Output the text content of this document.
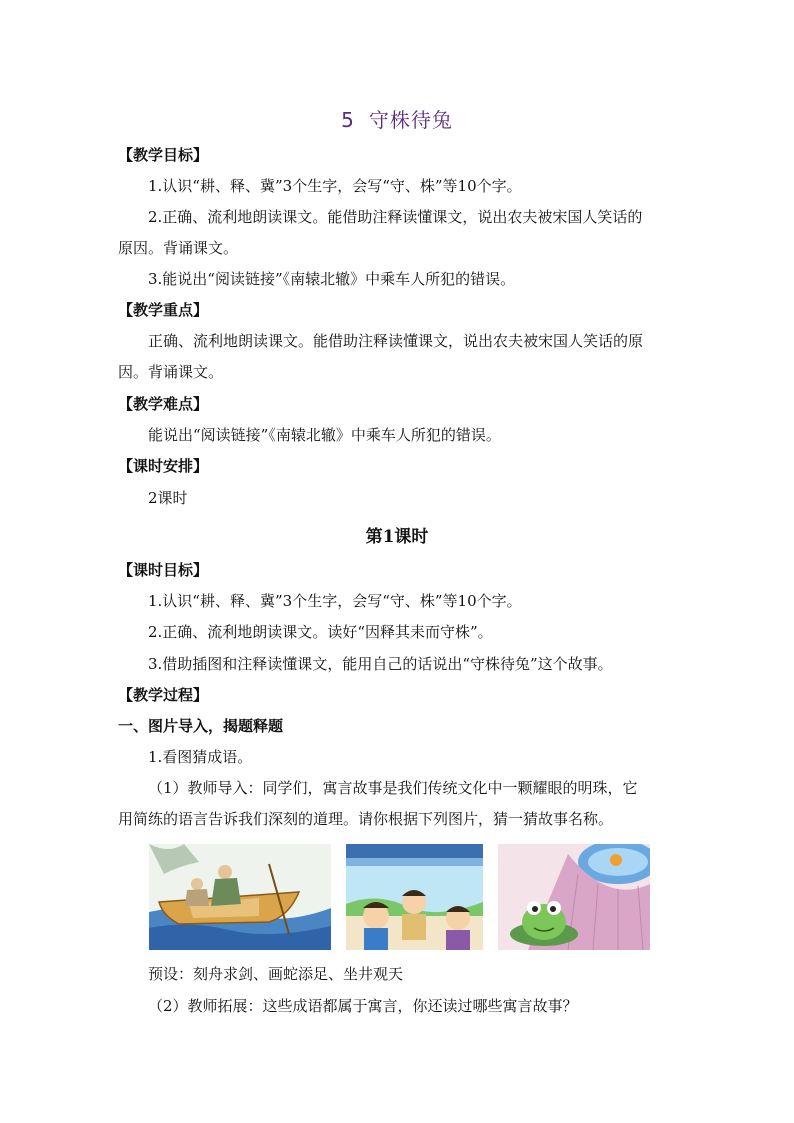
5 守株待兔
【教学目标】
1.认识“耕、释、冀”3个生字，会写“守、株”等10个字。
2.正确、流利地朗读课文。能借助注释读懂课文，说出农夫被宋国人笑话的
原因。背诵课文。
3.能说出“阅读链接”《南辕北辙》中乘车人所犯的错误。
【教学重点】
正确、流利地朗读课文。能借助注释读懂课文，说出农夫被宋国人笑话的原
因。背诵课文。
【教学难点】
能说出“阅读链接”《南辕北辙》中乘车人所犯的错误。
【课时安排】
2课时
第1课时
【课时目标】
1.认识“耕、释、冀”3个生字，会写“守、株”等10个字。
2.正确、流利地朗读课文。读好“因释其耒而守株”。
3.借助插图和注释读懂课文，能用自己的话说出“守株待兔”这个故事。
【教学过程】
一、图片导入，揭题释题
1.看图猜成语。
（1）教师导入：同学们，寓言故事是我们传统文化中一颗耀眼的明珠，它
用简练的语言告诉我们深刻的道理。请你根据下列图片，猜一猜故事名称。
预设：刻舟求剑、画蛇添足、坐井观天
（2）教师拓展：这些成语都属于寓言，你还读过哪些寓言故事？
